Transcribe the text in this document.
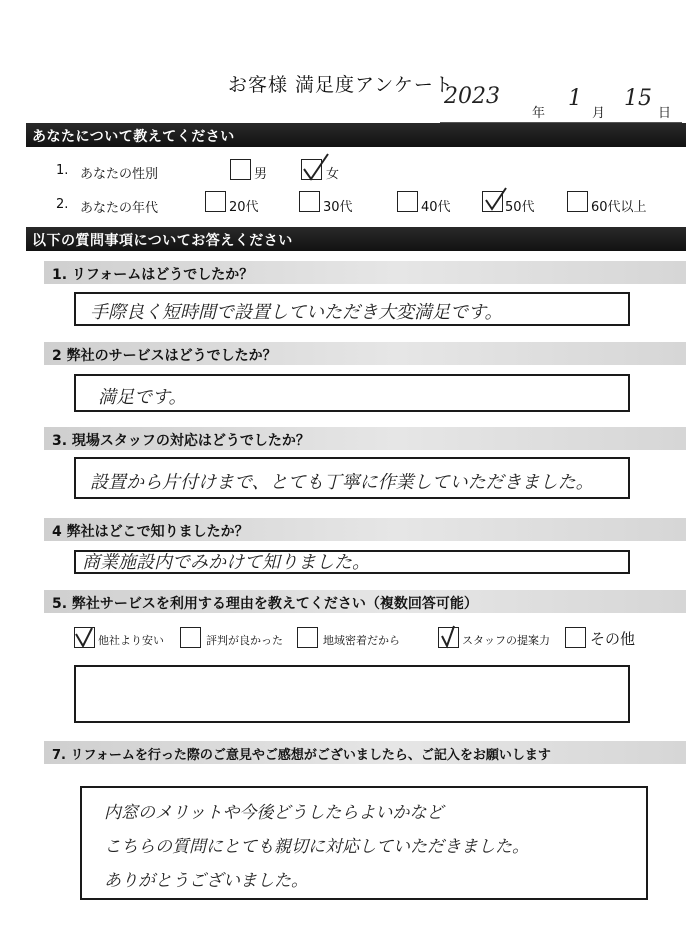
お客様 満足度アンケート
2023
年
1
月
15
日
あなたについて教えてください
1. あなたの性別	男	女
2. あなたの年代	20代	30代	40代	50代	60代以上
以下の質問事項についてお答えください
1. リフォームはどうでしたか？
手際良く短時間で設置していただき大変満足です。
2 弊社のサービスはどうでしたか？
満足です。
3. 現場スタッフの対応はどうでしたか？
設置から片付けまで、とても丁寧に作業していただきました。
4 弊社はどこで知りましたか？
商業施設内でみかけて知りました。
5. 弊社サービスを利用する理由を教えてください（複数回答可能）
他社より安い	評判が良かった	地域密着だから	スタッフの提案力	その他
7. リフォームを行った際のご意見やご感想がございましたら、ご記入をお願いします
内窓のメリットや今後どうしたらよいかなど
こちらの質問にとても親切に対応していただきました。
ありがとうございました。
